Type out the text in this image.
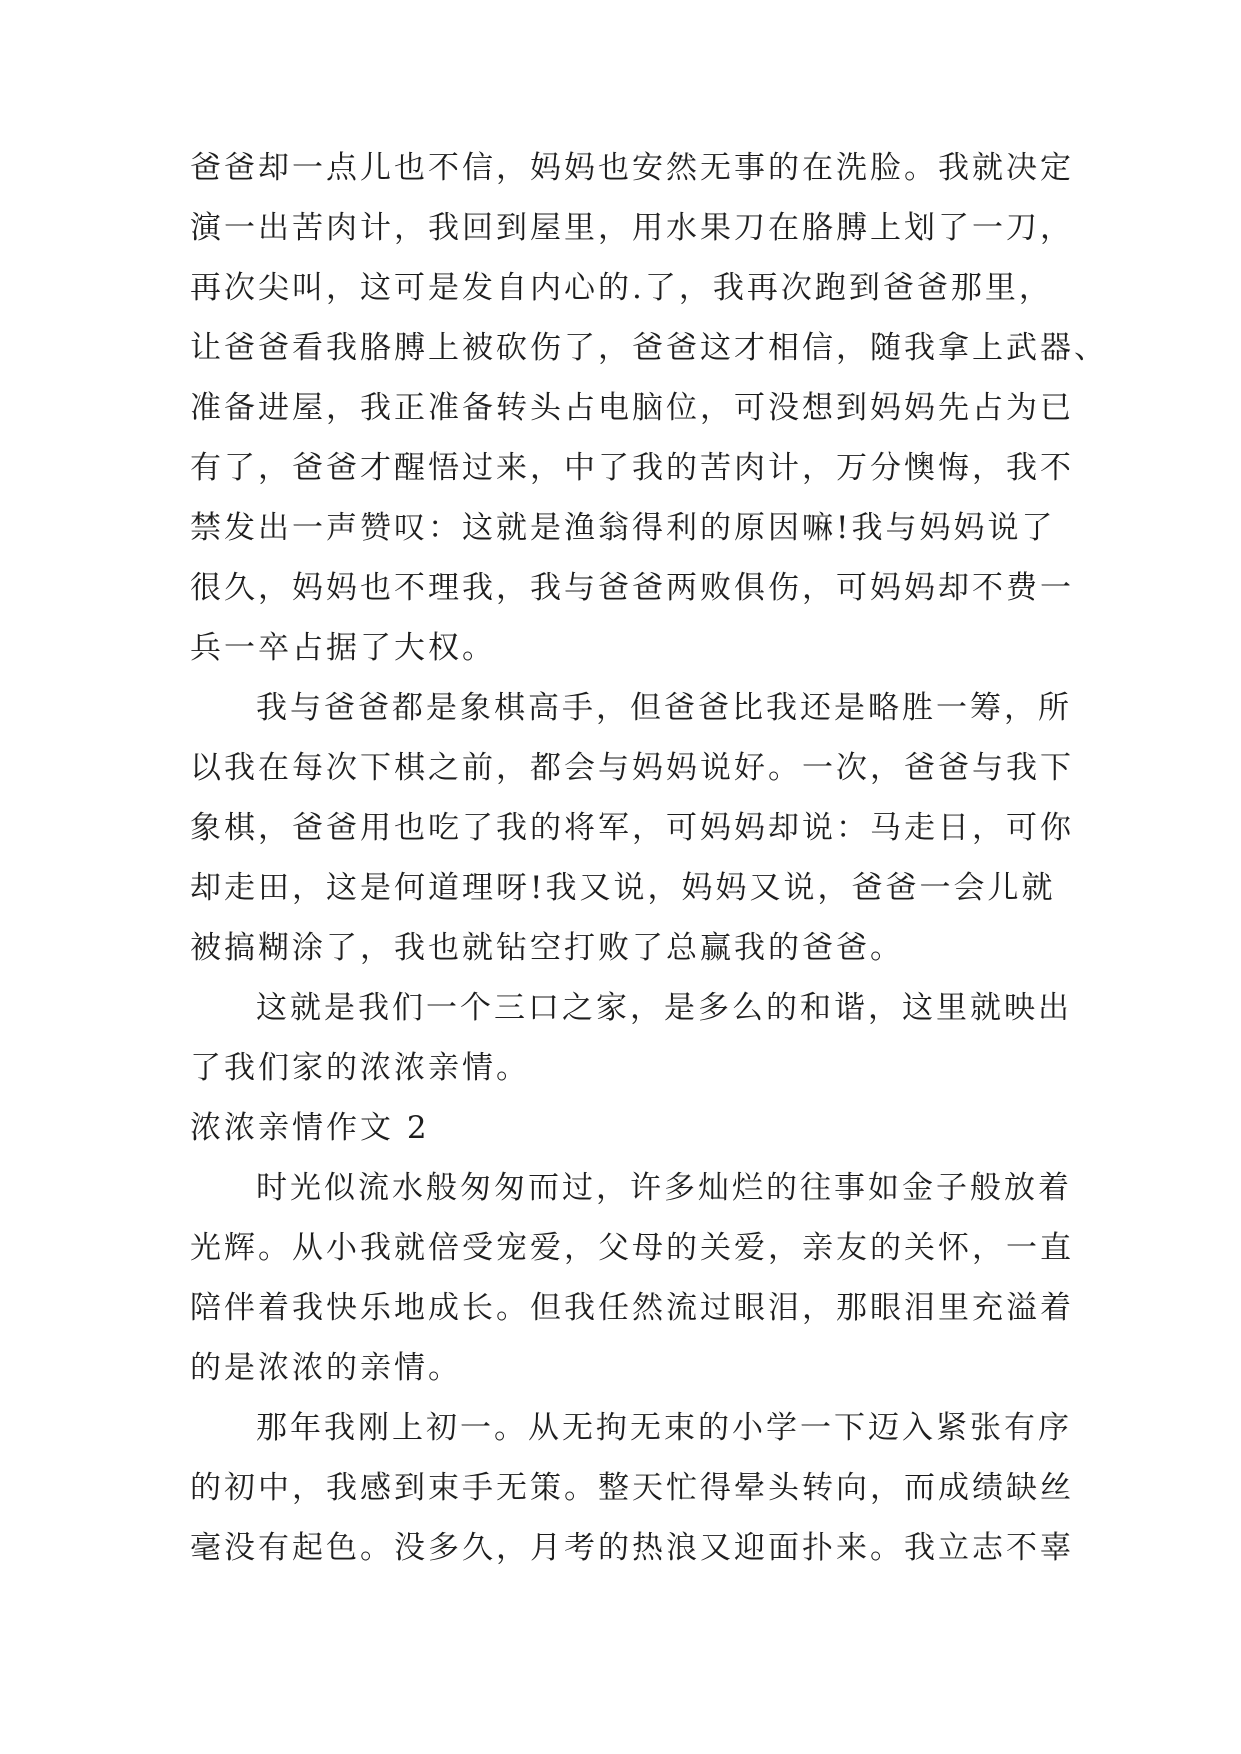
爸爸却一点儿也不信，妈妈也安然无事的在洗脸。我就决定
演一出苦肉计，我回到屋里，用水果刀在胳膊上划了一刀，
再次尖叫，这可是发自内心的.了，我再次跑到爸爸那里，
让爸爸看我胳膊上被砍伤了，爸爸这才相信，随我拿上武器、
准备进屋，我正准备转头占电脑位，可没想到妈妈先占为已
有了，爸爸才醒悟过来，中了我的苦肉计，万分懊悔，我不
禁发出一声赞叹：这就是渔翁得利的原因嘛!我与妈妈说了
很久，妈妈也不理我，我与爸爸两败俱伤，可妈妈却不费一
兵一卒占据了大权。
我与爸爸都是象棋高手，但爸爸比我还是略胜一筹，所
以我在每次下棋之前，都会与妈妈说好。一次，爸爸与我下
象棋，爸爸用也吃了我的将军，可妈妈却说：马走日，可你
却走田，这是何道理呀!我又说，妈妈又说，爸爸一会儿就
被搞糊涂了，我也就钻空打败了总赢我的爸爸。
这就是我们一个三口之家，是多么的和谐，这里就映出
了我们家的浓浓亲情。
浓浓亲情作文 2
时光似流水般匆匆而过，许多灿烂的往事如金子般放着
光辉。从小我就倍受宠爱，父母的关爱，亲友的关怀，一直
陪伴着我快乐地成长。但我任然流过眼泪，那眼泪里充溢着
的是浓浓的亲情。
那年我刚上初一。从无拘无束的小学一下迈入紧张有序
的初中，我感到束手无策。整天忙得晕头转向，而成绩缺丝
毫没有起色。没多久，月考的热浪又迎面扑来。我立志不辜
